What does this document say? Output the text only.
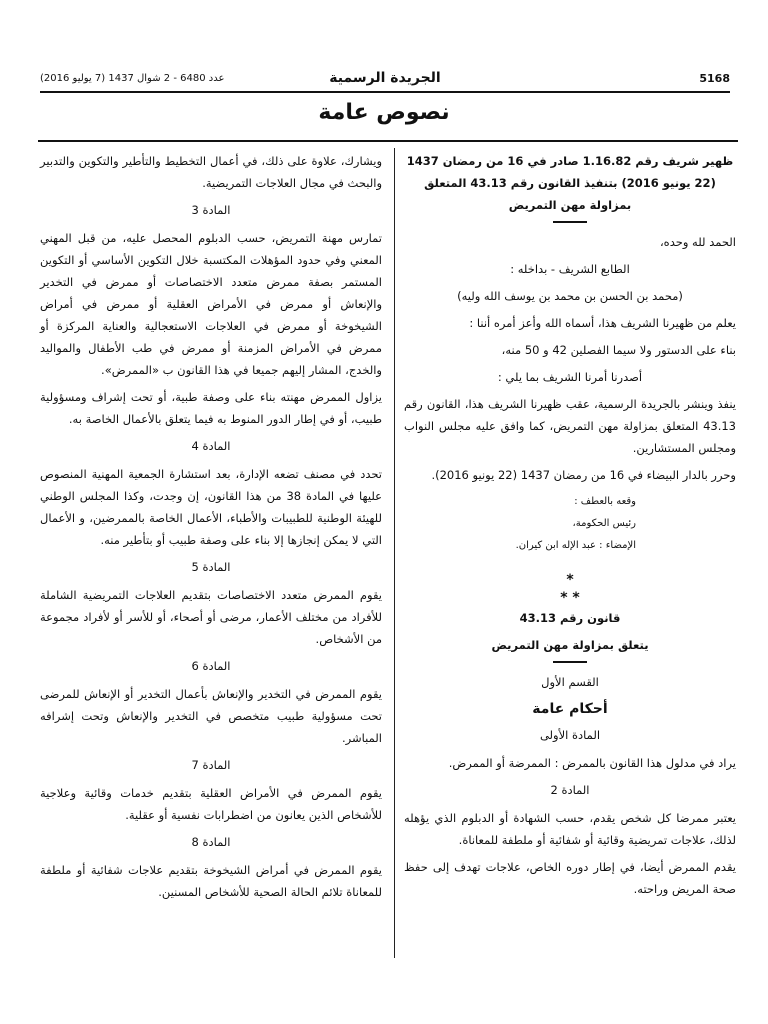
عدد 6480 - 2 شوال 1437 (7 يوليو 2016)	الجريدة الرسمية	5168
نصوص عامة

ظهير شريف رقم 1.16.82 صادر في 16 من رمضان 1437 (22 يونيو 2016) بتنفيذ القانون رقم 43.13 المتعلق بمزاولة مهن التمريض

الحمد لله وحده،

الطابع الشريف - بداخله :

(محمد بن الحسن بن محمد بن يوسف الله وليه)

يعلم من ظهيرنا الشريف هذا، أسماه الله وأعز أمره أننا :

بناء على الدستور ولا سيما الفصلين 42 و 50 منه،

أصدرنا أمرنا الشريف بما يلي :

ينفذ وينشر بالجريدة الرسمية، عقب ظهيرنا الشريف هذا، القانون رقم 43.13 المتعلق بمزاولة مهن التمريض، كما وافق عليه مجلس النواب ومجلس المستشارين.

وحرر بالدار البيضاء في 16 من رمضان 1437 (22 يونيو 2016).

وقعه بالعطف :
رئيس الحكومة،
الإمضاء : عبد الإله ابن كيران.
*
* *

قانون رقم 43.13

يتعلق بمزاولة مهن التمريض

القسم الأول

أحكام عامة
المادة الأولى

يراد في مدلول هذا القانون بالممرض : الممرضة أو الممرض.

المادة 2

يعتبر ممرضا كل شخص يقدم، حسب الشهادة أو الدبلوم الذي يؤهله لذلك، علاجات تمريضية وقائية أو شفائية أو ملطفة للمعاناة.

يقدم الممرض أيضا، في إطار دوره الخاص، علاجات تهدف إلى حفظ صحة المريض وراحته.

ويشارك، علاوة على ذلك، في أعمال التخطيط والتأطير والتكوين والتدبير والبحث في مجال العلاجات التمريضية.

المادة 3

تمارس مهنة التمريض، حسب الدبلوم المحصل عليه، من قبل المهني المعني وفي حدود المؤهلات المكتسبة خلال التكوين الأساسي أو التكوين المستمر بصفة ممرض متعدد الاختصاصات أو ممرض في التخدير والإنعاش أو ممرض في الأمراض العقلية أو ممرض في أمراض الشيخوخة أو ممرض في العلاجات الاستعجالية والعناية المركزة أو ممرض في الأمراض المزمنة أو ممرض في طب الأطفال والمواليد والخدج، المشار إليهم جميعا في هذا القانون ب «الممرض».

يزاول الممرض مهنته بناء على وصفة طبية، أو تحت إشراف ومسؤولية طبيب، أو في إطار الدور المنوط به فيما يتعلق بالأعمال الخاصة به.

المادة 4

تحدد في مصنف تضعه الإدارة، بعد استشارة الجمعية المهنية المنصوص عليها في المادة 38 من هذا القانون، إن وجدت، وكذا المجلس الوطني للهيئة الوطنية للطبيبات والأطباء، الأعمال الخاصة بالممرضين، و الأعمال التي لا يمكن إنجازها إلا بناء على وصفة طبيب أو بتأطير منه.

المادة 5

يقوم الممرض متعدد الاختصاصات بتقديم العلاجات التمريضية الشاملة للأفراد من مختلف الأعمار، مرضى أو أصحاء، أو للأسر أو لأفراد مجموعة من الأشخاص.

المادة 6

يقوم الممرض في التخدير والإنعاش بأعمال التخدير أو الإنعاش للمرضى تحت مسؤولية طبيب متخصص في التخدير والإنعاش وتحت إشرافه المباشر.

المادة 7

يقوم الممرض في الأمراض العقلية بتقديم خدمات وقائية وعلاجية للأشخاص الذين يعانون من اضطرابات نفسية أو عقلية.

المادة 8

يقوم الممرض في أمراض الشيخوخة بتقديم علاجات شفائية أو ملطفة للمعاناة تلائم الحالة الصحية للأشخاص المسنين.
